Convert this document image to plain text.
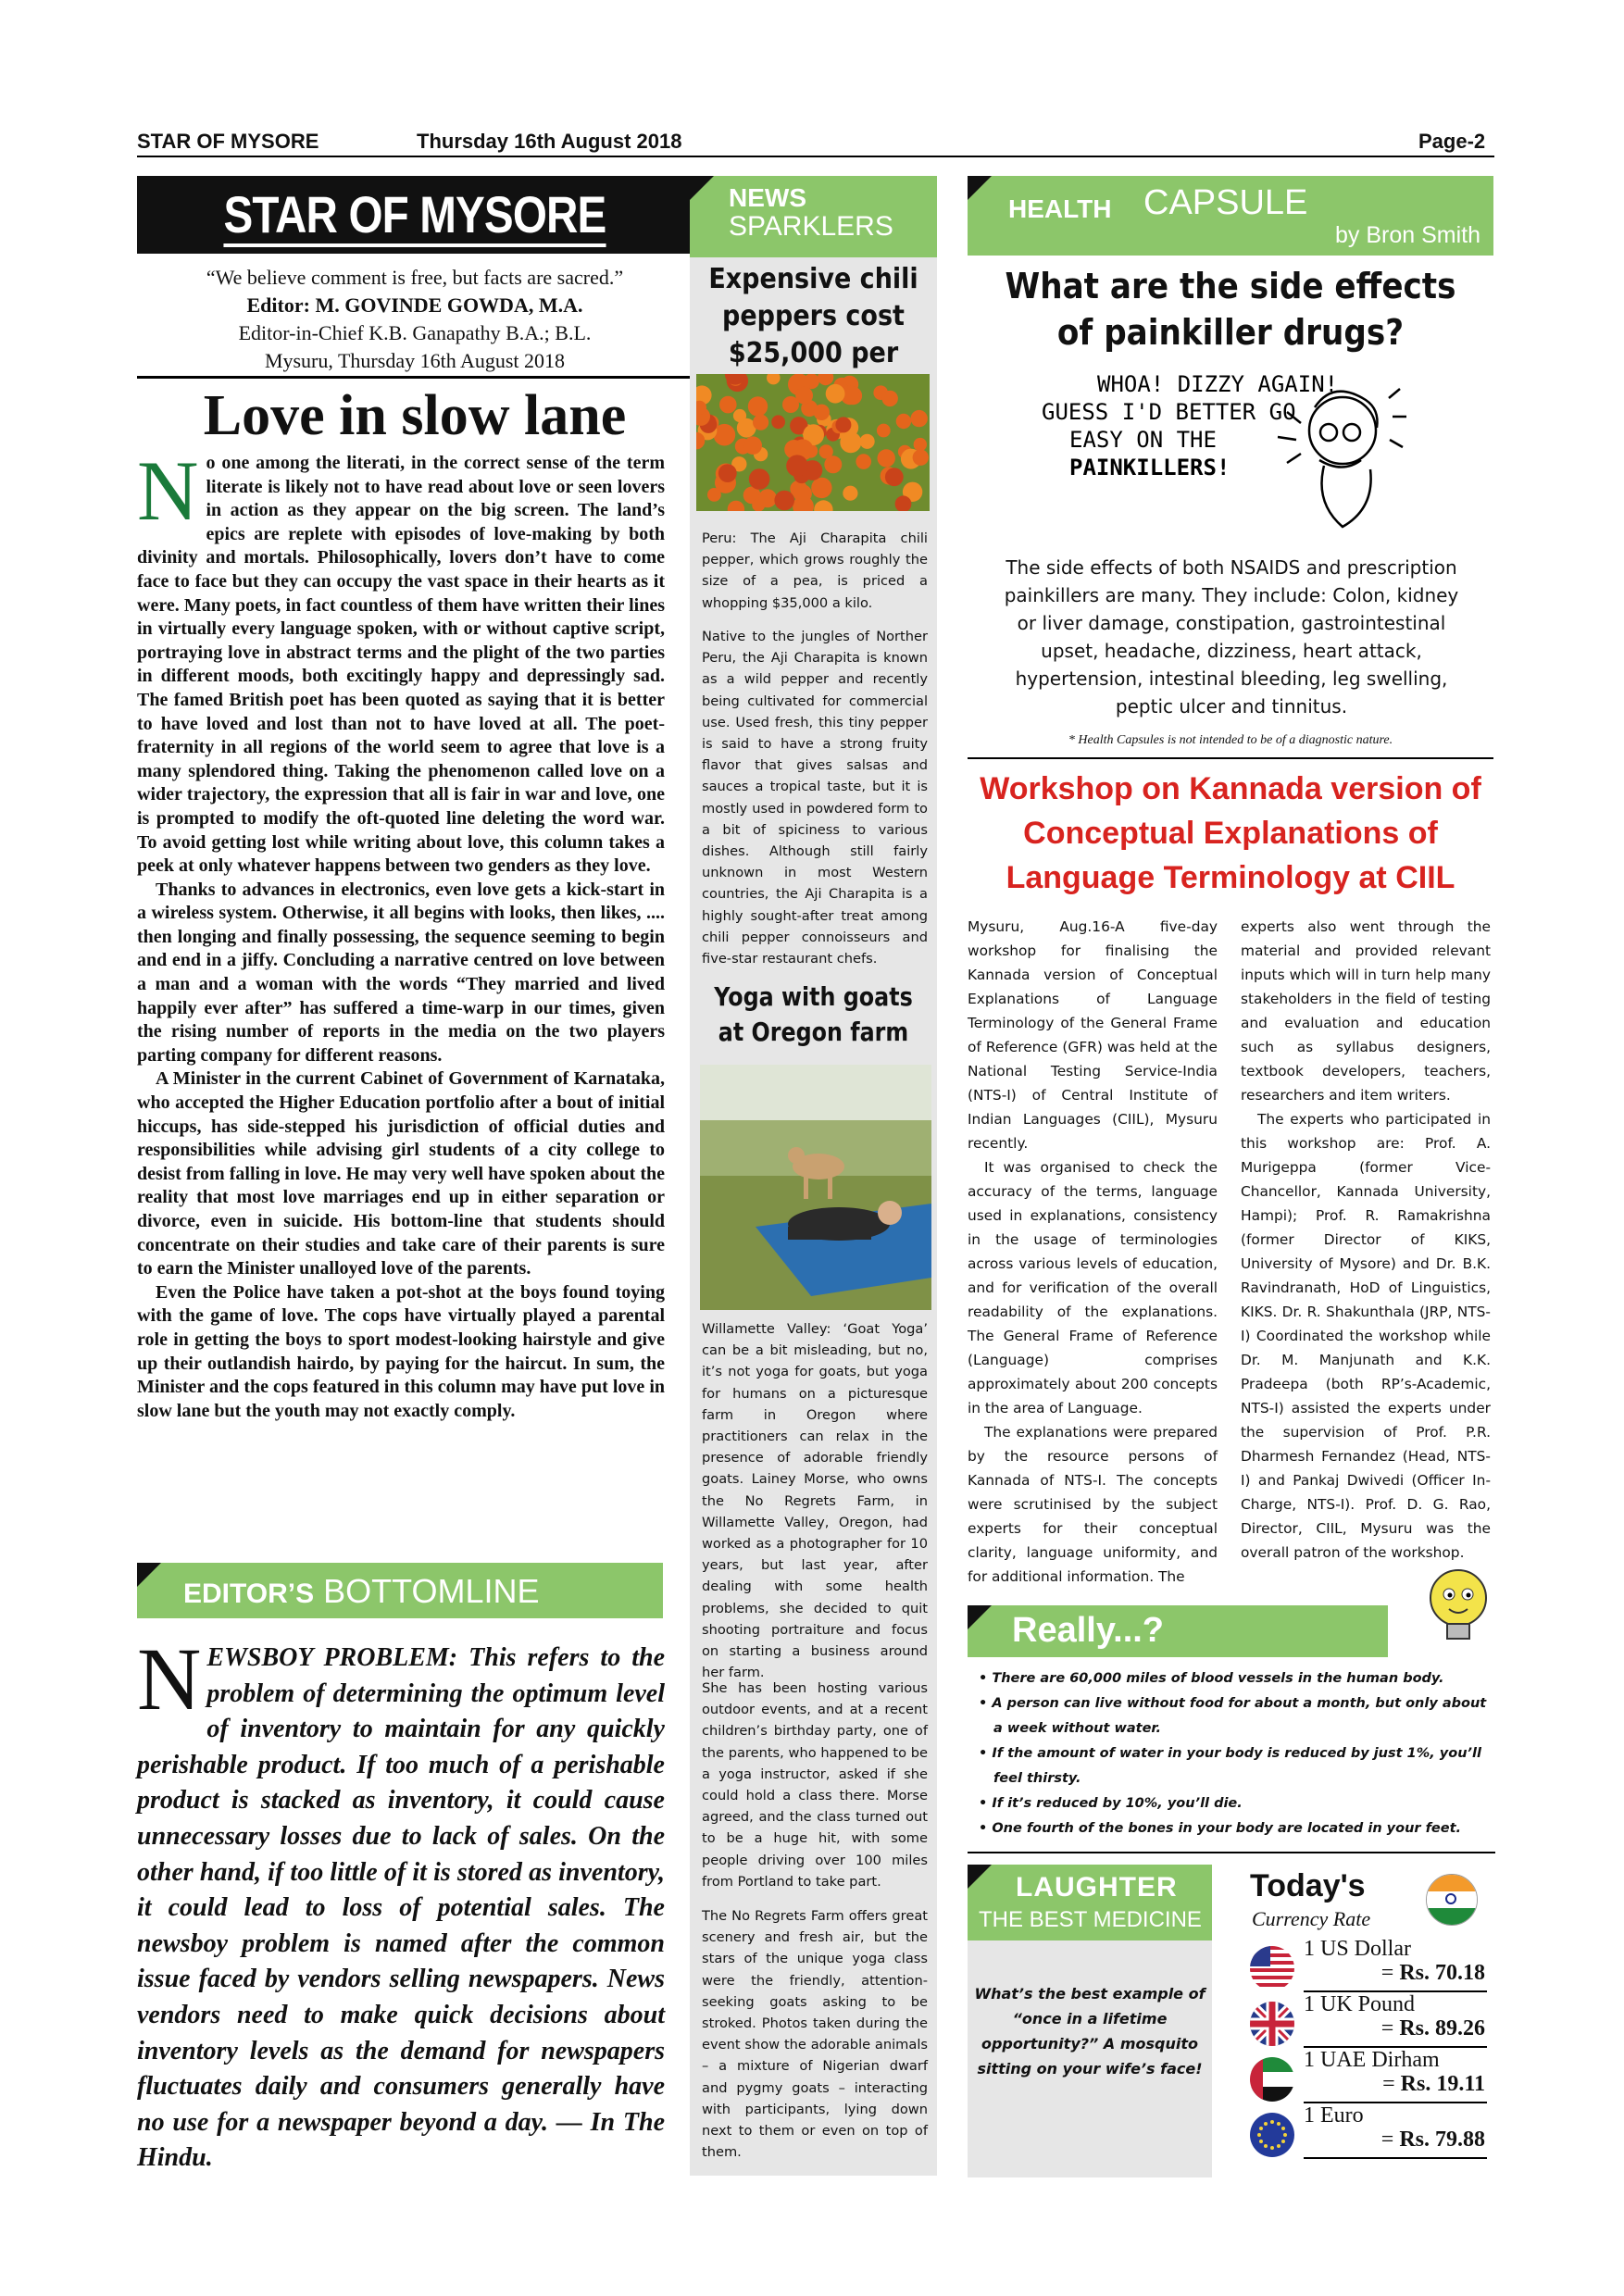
STAR OF MYSORE	Thursday 16th August 2018	Page-2
STAR OF MYSORE
“We believe comment is free, but facts are sacred.”
Editor: M. GOVINDE GOWDA, M.A.
Editor-in-Chief K.B. Ganapathy B.A.; B.L.
Mysuru, Thursday 16th August 2018
Love in slow lane

No one among the literati, in the correct sense of the term literate is likely not to have read about love or seen lovers in action as they appear on the big screen. The land’s epics are replete with episodes of love-making by both divinity and mortals. Philosophically, lovers don’t have to come face to face but they can occupy the vast space in their hearts as it were. Many poets, in fact countless of them have written their lines in virtually every language spoken, with or without captive script, portraying love in abstract terms and the plight of the two parties in different moods, both excitingly happy and depressingly sad. The famed British poet has been quoted as saying that it is better to have loved and lost than not to have loved at all. The poet-fraternity in all regions of the world seem to agree that love is a many splendored thing. Taking the phenomenon called love on a wider trajectory, the expression that all is fair in war and love, one is prompted to modify the oft-quoted line deleting the word war. To avoid getting lost while writing about love, this column takes a peek at only whatever happens between two genders as they love.

Thanks to advances in electronics, even love gets a kick-start in a wireless system. Otherwise, it all begins with looks, then likes, .... then longing and finally possessing, the sequence seeming to begin and end in a jiffy. Concluding a narrative centred on love between a man and a woman with the words “They married and lived happily ever after” has suffered a time-warp in our times, given the rising number of reports in the media on the two players parting company for different reasons.

A Minister in the current Cabinet of Government of Karnataka, who accepted the Higher Education portfolio after a bout of initial hiccups, has side-stepped his jurisdiction of official duties and responsibilities while advising girl students of a city college to desist from falling in love. He may very well have spoken about the reality that most love marriages end up in either separation or divorce, even in suicide. His bottom-line that students should concentrate on their studies and take care of their parents is sure to earn the Minister unalloyed love of the parents.

Even the Police have taken a pot-shot at the boys found toying with the game of love. The cops have virtually played a parental role in getting the boys to sport modest-looking hairstyle and give up their outlandish hairdo, by paying for the haircut. In sum, the Minister and the cops featured in this column may have put love in slow lane but the youth may not exactly comply.

EDITOR’S BOTTOMLINE
NEWSBOY PROBLEM: This refers to the problem of determining the optimum level of inventory to maintain for any quickly perishable product. If too much of a perishable product is stacked as inventory, it could cause unnecessary losses due to lack of sales. On the other hand, if too little of it is stored as inventory, it could lead to loss of potential sales. The newsboy problem is named after the common issue faced by vendors selling newspapers. News vendors need to make quick decisions about inventory levels as the demand for newspapers fluctuates daily and consumers generally have no use for a newspaper beyond a day. — In The Hindu.
NEWS
SPARKLERS
Expensive chili peppers cost $25,000 per
Peru: The Aji Charapita chili pepper, which grows roughly the size of a pea, is priced a whopping $35,000 a kilo.
Native to the jungles of Norther Peru, the Aji Charapita is known as a wild pepper and recently being cultivated for commercial use. Used fresh, this tiny pepper is said to have a strong fruity flavor that gives salsas and sauces a tropical taste, but it is mostly used in powdered form to a bit of spiciness to various dishes. Although still fairly unknown in most Western countries, the Aji Charapita is a highly sought-after treat among chili pepper connoisseurs and five-star restaurant chefs.
Yoga with goats at Oregon farm
Willamette Valley: ‘Goat Yoga’ can be a bit misleading, but no, it’s not yoga for goats, but yoga for humans on a picturesque farm in Oregon where practitioners can relax in the presence of adorable friendly goats. Lainey Morse, who owns the No Regrets Farm, in Willamette Valley, Oregon, had worked as a photographer for 10 years, but last year, after dealing with some health problems, she decided to quit shooting portraiture and focus on starting a business around her farm.
She has been hosting various outdoor events, and at a recent children’s birthday party, one of the parents, who happened to be a yoga instructor, asked if she could hold a class there. Morse agreed, and the class turned out to be a huge hit, with some people driving over 100 miles from Portland to take part.
The No Regrets Farm offers great scenery and fresh air, but the stars of the unique yoga class were the friendly, attention-seeking goats asking to be stroked. Photos taken during the event show the adorable animals – a mixture of Nigerian dwarf and pygmy goats – interacting with participants, lying down next to them or even on top of them.
HEALTH CAPSULE
by Bron Smith
What are the side effects of painkiller drugs?
WHOA! DIZZY AGAIN!
GUESS I'D BETTER GO
EASY ON THE
PAINKILLERS!
The side effects of both NSAIDS and prescription painkillers are many. They include: Colon, kidney or liver damage, constipation, gastrointestinal upset, headache, dizziness, heart attack, hypertension, intestinal bleeding, leg swelling, peptic ulcer and tinnitus.
* Health Capsules is not intended to be of a diagnostic nature.
Workshop on Kannada version of Conceptual Explanations of Language Terminology at CIIL

Mysuru, Aug.16-A five-day workshop for finalising the Kannada version of Conceptual Explanations of Language Terminology of the General Frame of Reference (GFR) was held at the National Testing Service-India (NTS-I) of Central Institute of Indian Languages (CIIL), Mysuru recently.

It was organised to check the accuracy of the terms, language used in explanations, consistency in the usage of terminologies across various levels of education, and for verification of the overall readability of the explanations. The General Frame of Reference (Language) comprises approximately about 200 concepts in the area of Language.

The explanations were prepared by the resource persons of Kannada of NTS-I. The concepts were scrutinised by the subject experts for their conceptual clarity, language uniformity, and for additional information. The

experts also went through the material and provided relevant inputs which will in turn help many stakeholders in the field of testing and evaluation and education such as syllabus designers, textbook developers, teachers, researchers and item writers.

The experts who participated in this workshop are: Prof. A. Murigeppa (former Vice-Chancellor, Kannada University, Hampi); Prof. R. Ramakrishna (former Director of KIKS, University of Mysore) and Dr. B.K. Ravindranath, HoD of Linguistics, KIKS. Dr. R. Shakunthala (JRP, NTS-I) Coordinated the workshop while Dr. M. Manjunath and K.K. Pradeepa (both RP’s-Academic, NTS-I) assisted the experts under the supervision of Prof. P.R. Dharmesh Fernandez (Head, NTS-I) and Pankaj Dwivedi (Officer In-Charge, NTS-I). Prof. D. G. Rao, Director, CIIL, Mysuru was the overall patron of the workshop.

Really...?
• There are 60,000 miles of blood vessels in the human body.
• A person can live without food for about a month, but only about a week without water.
• If the amount of water in your body is reduced by just 1%, you’ll feel thirsty.
• If it’s reduced by 10%, you’ll die.
• One fourth of the bones in your body are located in your feet.
LAUGHTER
THE BEST MEDICINE
What’s the best example of “once in a lifetime opportunity?” A mosquito sitting on your wife’s face!
Today's
Currency Rate
1 US Dollar
= Rs. 70.18
1 UK Pound
= Rs. 89.26
1 UAE Dirham
= Rs. 19.11
1 Euro
= Rs. 79.88
